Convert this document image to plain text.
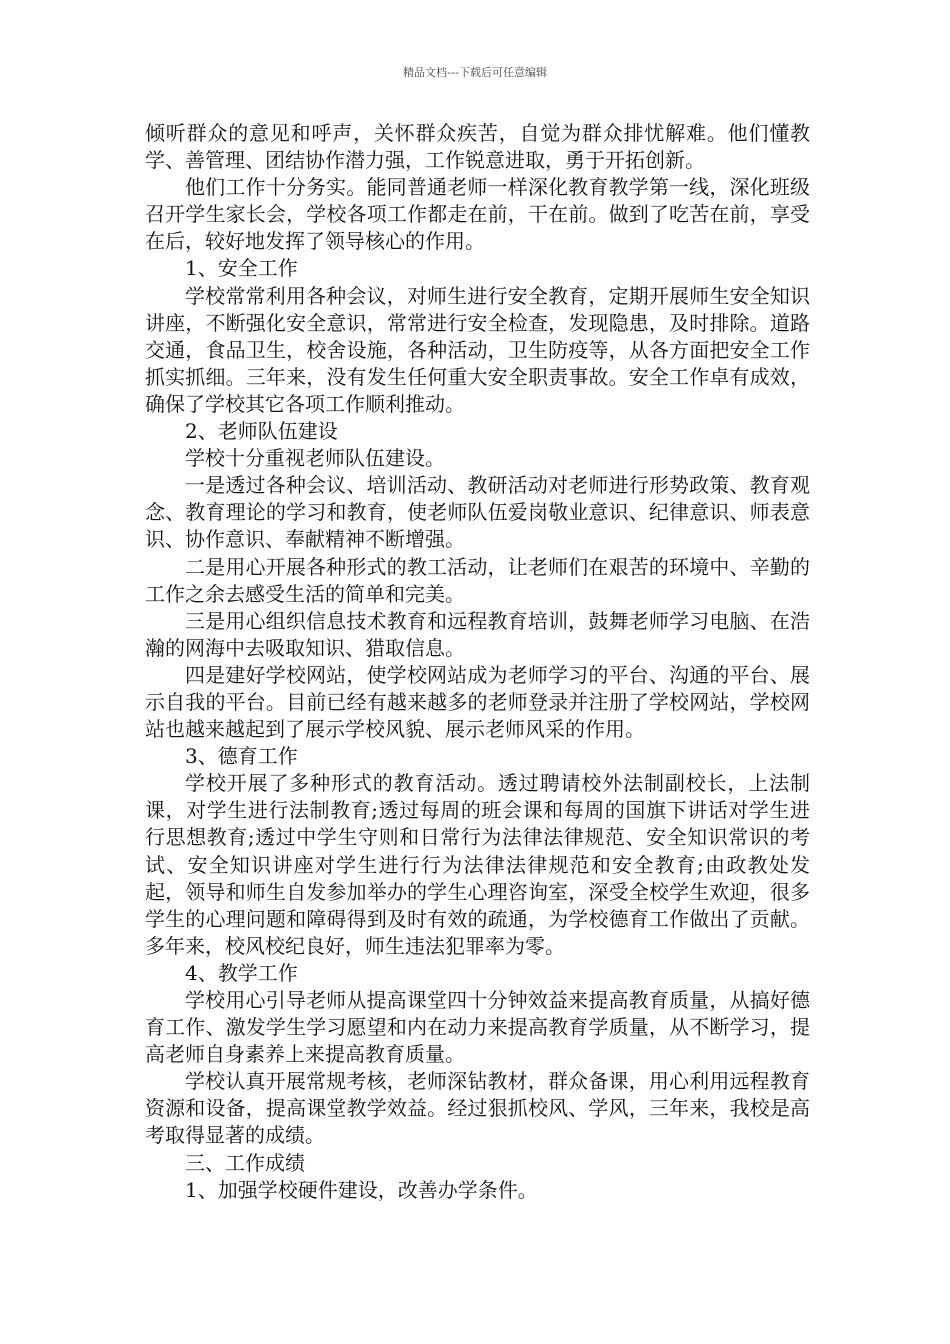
精品文档---下载后可任意编辑

倾听群众的意见和呼声，关怀群众疾苦，自觉为群众排忧解难。他们懂教学、善管理、团结协作潜力强，工作锐意进取，勇于开拓创新。

他们工作十分务实。能同普通老师一样深化教育教学第一线，深化班级召开学生家长会，学校各项工作都走在前，干在前。做到了吃苦在前，享受在后，较好地发挥了领导核心的作用。

1、安全工作

学校常常利用各种会议，对师生进行安全教育，定期开展师生安全知识讲座，不断强化安全意识，常常进行安全检查，发现隐患，及时排除。道路交通，食品卫生，校舍设施，各种活动，卫生防疫等，从各方面把安全工作抓实抓细。三年来，没有发生任何重大安全职责事故。安全工作卓有成效，确保了学校其它各项工作顺利推动。

2、老师队伍建设

学校十分重视老师队伍建设。

一是透过各种会议、培训活动、教研活动对老师进行形势政策、教育观念、教育理论的学习和教育，使老师队伍爱岗敬业意识、纪律意识、师表意识、协作意识、奉献精神不断增强。

二是用心开展各种形式的教工活动，让老师们在艰苦的环境中、辛勤的工作之余去感受生活的简单和完美。

三是用心组织信息技术教育和远程教育培训，鼓舞老师学习电脑、在浩瀚的网海中去吸取知识、猎取信息。

四是建好学校网站，使学校网站成为老师学习的平台、沟通的平台、展示自我的平台。目前已经有越来越多的老师登录并注册了学校网站，学校网站也越来越起到了展示学校风貌、展示老师风采的作用。

3、德育工作

学校开展了多种形式的教育活动。透过聘请校外法制副校长，上法制课，对学生进行法制教育;透过每周的班会课和每周的国旗下讲话对学生进行思想教育;透过中学生守则和日常行为法律法律规范、安全知识常识的考试、安全知识讲座对学生进行行为法律法律规范和安全教育;由政教处发起，领导和师生自发参加举办的学生心理咨询室，深受全校学生欢迎，很多学生的心理问题和障碍得到及时有效的疏通，为学校德育工作做出了贡献。多年来，校风校纪良好，师生违法犯罪率为零。

4、教学工作

学校用心引导老师从提高课堂四十分钟效益来提高教育质量，从搞好德育工作、激发学生学习愿望和内在动力来提高教育学质量，从不断学习，提高老师自身素养上来提高教育质量。

学校认真开展常规考核，老师深钻教材，群众备课，用心利用远程教育资源和设备，提高课堂教学效益。经过狠抓校风、学风，三年来，我校是高考取得显著的成绩。

三、工作成绩

1、加强学校硬件建设，改善办学条件。
